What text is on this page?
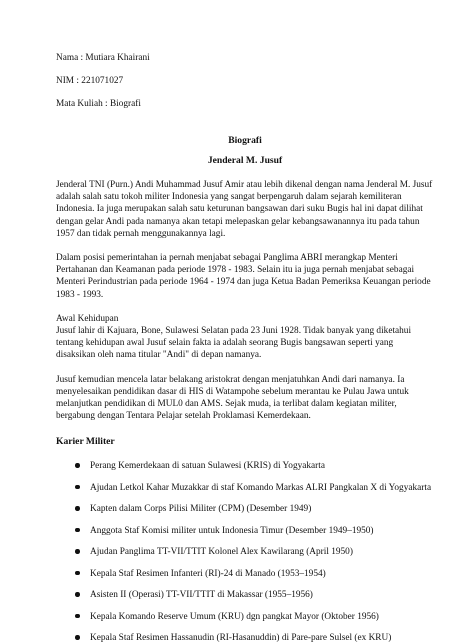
Nama : Mutiara Khairani

NIM : 221071027

Mata Kuliah : Biografi

Biografi
Jenderal M. Jusuf

Jenderal TNI (Purn.) Andi Muhammad Jusuf Amir atau lebih dikenal dengan nama Jenderal M. Jusuf adalah salah satu tokoh militer Indonesia yang sangat berpengaruh dalam sejarah kemiliteran Indonesia. Ia juga merupakan salah satu keturunan bangsawan dari suku Bugis hal ini dapat dilihat dengan gelar Andi pada namanya akan tetapi melepaskan gelar kebangsawanannya itu pada tahun 1957 dan tidak pernah menggunakannya lagi.

Dalam posisi pemerintahan ia pernah menjabat sebagai Panglima ABRI merangkap Menteri Pertahanan dan Keamanan pada periode 1978 - 1983. Selain itu ia juga pernah menjabat sebagai Menteri Perindustrian pada periode 1964 - 1974 dan juga Ketua Badan Pemeriksa Keuangan periode 1983 - 1993.

Awal Kehidupan

Jusuf lahir di Kajuara, Bone, Sulawesi Selatan pada 23 Juni 1928. Tidak banyak yang diketahui tentang kehidupan awal Jusuf selain fakta ia adalah seorang Bugis bangsawan seperti yang disaksikan oleh nama titular "Andi" di depan namanya.

Jusuf kemudian mencela latar belakang aristokrat dengan menjatuhkan Andi dari namanya. Ia menyelesaikan pendidikan dasar di HIS di Watampohe sebelum merantau ke Pulau Jawa untuk melanjutkan pendidikan di MUL0 dan AMS. Sejak muda, ia terlibat dalam kegiatan militer, bergabung dengan Tentara Pelajar setelah Proklamasi Kemerdekaan.

Karier Militer
Perang Kemerdekaan di satuan Sulawesi (KRIS) di Yogyakarta
Ajudan Letkol Kahar Muzakkar di staf Komando Markas ALRI Pangkalan X di Yogyakarta
Kapten dalam Corps Pilisi Militer (CPM) (Desember 1949)
Anggota Staf Komisi militer untuk Indonesia Timur (Desember 1949–1950)
Ajudan Panglima TT-VII/TTIT Kolonel Alex Kawilarang (April 1950)
Kepala Staf Resimen Infanteri (RI)-24 di Manado (1953–1954)
Asisten II (Operasi) TT-VII/TTIT di Makassar (1955–1956)
Kepala Komando Reserve Umum (KRU) dgn pangkat Mayor (Oktober 1956)
Kepala Staf Resimen Hassanudin (RI-Hasanuddin) di Pare-pare Sulsel (ex KRU)
